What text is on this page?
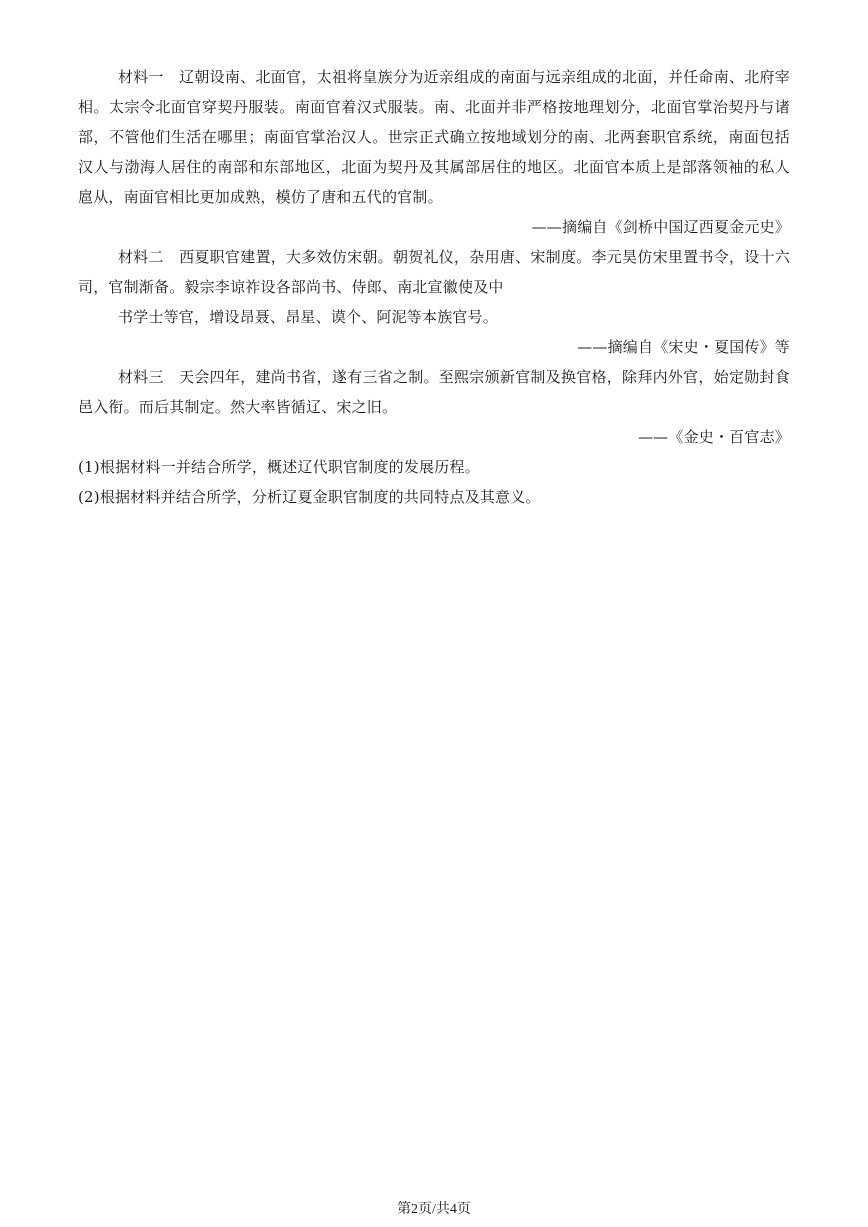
材料一  辽朝设南、北面官，太祖将皇族分为近亲组成的南面与远亲组成的北面，并任命南、北府宰相。太宗令北面官穿契丹服装。南面官着汉式服装。南、北面并非严格按地理划分，北面官掌治契丹与诸部，不管他们生活在哪里；南面官掌治汉人。世宗正式确立按地域划分的南、北两套职官系统，南面包括汉人与渤海人居住的南部和东部地区，北面为契丹及其属部居住的地区。北面官本质上是部落领袖的私人扈从，南面官相比更加成熟，模仿了唐和五代的官制。

——摘编自《剑桥中国辽西夏金元史》

材料二  西夏职官建置，大多效仿宋朝。朝贺礼仪，杂用唐、宋制度。李元昊仿宋里置书令，设十六司，官制渐备。毅宗李谅祚设各部尚书、侍郎、南北宣徽使及中

书学士等官，增设昂聂、昂星、谟个、阿泥等本族官号。

——摘编自《宋史・夏国传》等

材料三  天会四年，建尚书省，遂有三省之制。至熙宗颁新官制及换官格，除拜内外官，始定勋封食邑入衔。而后其制定。然大率皆循辽、宋之旧。

——《金史・百官志》

(1)根据材料一并结合所学，概述辽代职官制度的发展历程。

(2)根据材料并结合所学，分析辽夏金职官制度的共同特点及其意义。

第2页/共4页
